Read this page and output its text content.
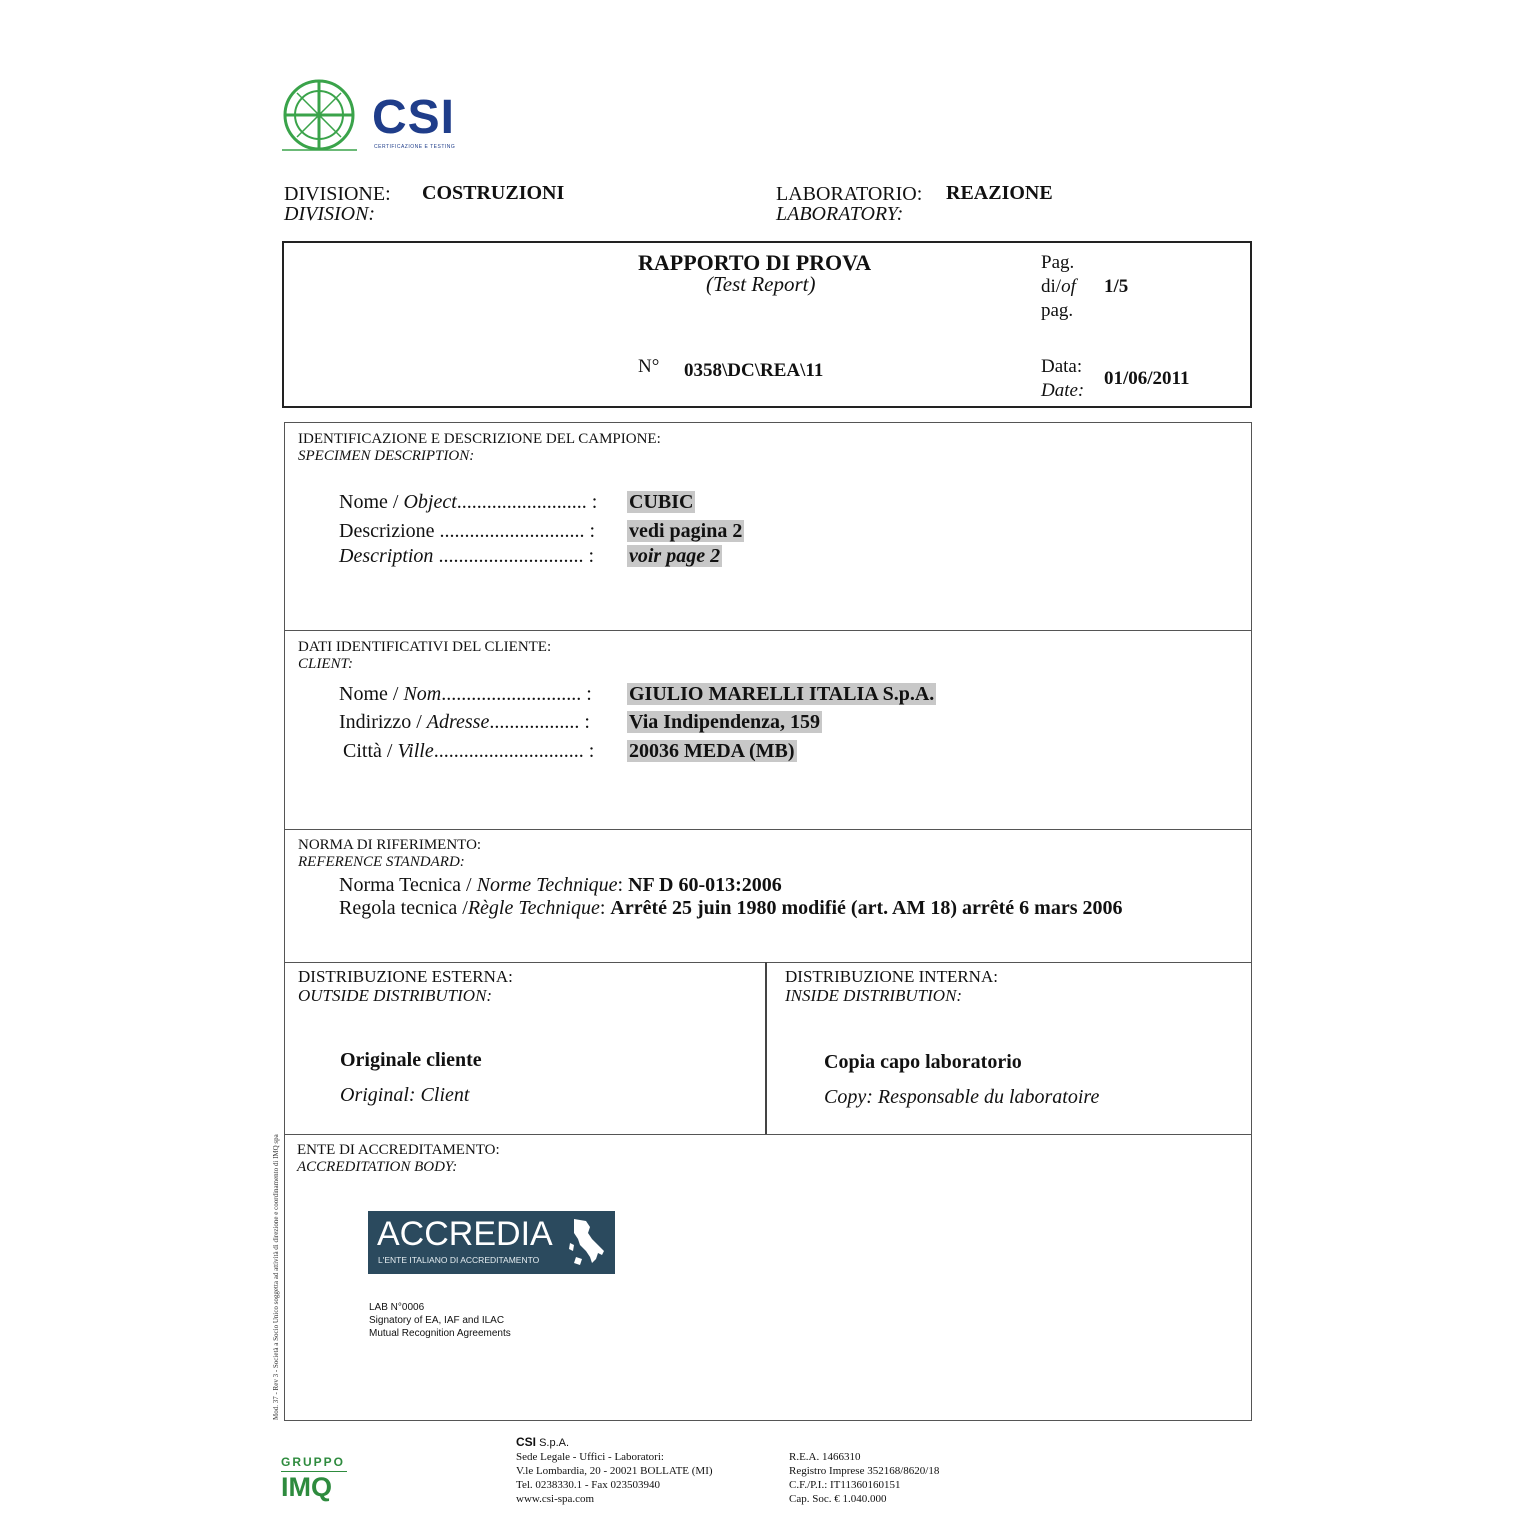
CSI
CERTIFICAZIONE E TESTING
DIVISIONE:
DIVISION:
COSTRUZIONI	LABORATORIO:
LABORATORY:
REAZIONE
RAPPORTO DI PROVA
(Test Report)
Pag.
di/of
pag.
1/5
N° 0358\DC\REA\11	Data:
Date:
01/06/2011
IDENTIFICAZIONE E DESCRIZIONE DEL CAMPIONE:
SPECIMEN DESCRIPTION:
Nome / Object.......................... : CUBIC
Descrizione ............................. : vedi pagina 2
Description ............................. : voir page 2
DATI IDENTIFICATIVI DEL CLIENTE:
CLIENT:
Nome / Nom............................ : GIULIO MARELLI ITALIA S.p.A.
Indirizzo / Adresse.................. : Via Indipendenza, 159
Città / Ville.............................. : 20036 MEDA (MB)
NORMA DI RIFERIMENTO:
REFERENCE STANDARD:
Norma Tecnica / Norme Technique: NF D 60-013:2006
Regola tecnica /Règle Technique: Arrêté 25 juin 1980 modifié (art. AM 18) arrêté 6 mars 2006
DISTRIBUZIONE ESTERNA:
OUTSIDE DISTRIBUTION:
Originale cliente
Original: Client
DISTRIBUZIONE INTERNA:
INSIDE DISTRIBUTION:
Copia capo laboratorio
Copy: Responsable du laboratoire
ENTE DI ACCREDITAMENTO:
ACCREDITATION BODY:
ACCREDIA
L'ENTE ITALIANO DI ACCREDITAMENTO
LAB N°0006
Signatory of EA, IAF and ILAC
Mutual Recognition Agreements
Mod. 37 - Rev 3 - Società a Socio Unico soggetta ad attività di direzione e coordinamento di IMQ spa
GRUPPO
IMQ
CSI S.p.A.
Sede Legale - Uffici - Laboratori:
V.le Lombardia, 20 - 20021 BOLLATE (MI)
Tel. 0238330.1 - Fax 023503940
www.csi-spa.com
R.E.A. 1466310
Registro Imprese 352168/8620/18
C.F./P.I.: IT11360160151
Cap. Soc. € 1.040.000
